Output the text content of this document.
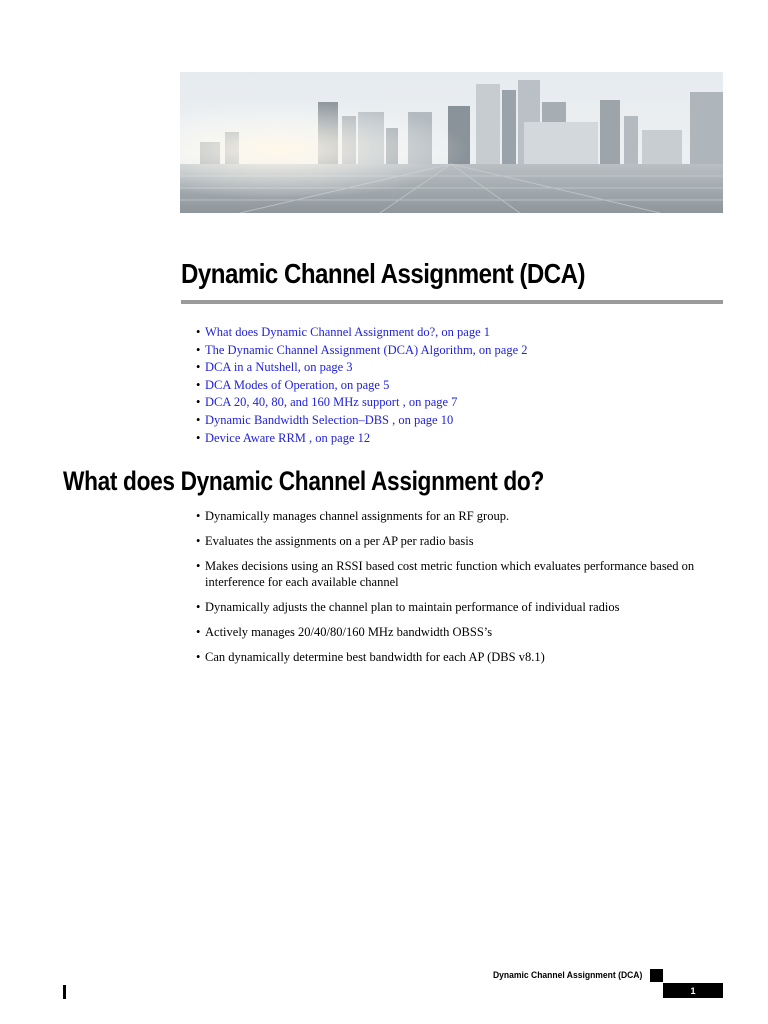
Dynamic Channel Assignment (DCA)
• What does Dynamic Channel Assignment do?, on page 1
• The Dynamic Channel Assignment (DCA) Algorithm, on page 2
• DCA in a Nutshell, on page 3
• DCA Modes of Operation, on page 5
• DCA 20, 40, 80, and 160 MHz support , on page 7
• Dynamic Bandwidth Selection–DBS , on page 10
• Device Aware RRM , on page 12
What does Dynamic Channel Assignment do?
• Dynamically manages channel assignments for an RF group.
• Evaluates the assignments on a per AP per radio basis
• Makes decisions using an RSSI based cost metric function which evaluates performance based on interference for each available channel
• Dynamically adjusts the channel plan to maintain performance of individual radios
• Actively manages 20/40/80/160 MHz bandwidth OBSS’s
• Can dynamically determine best bandwidth for each AP (DBS v8.1)
Dynamic Channel Assignment (DCA)
1
